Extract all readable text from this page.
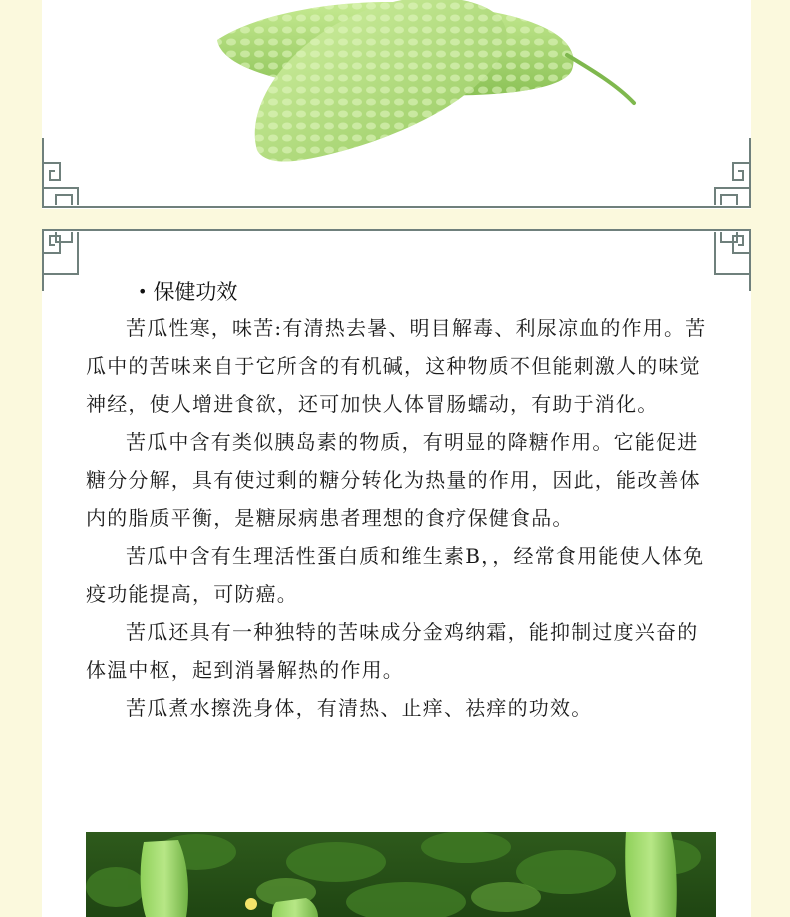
• 保健功效

苦瓜性寒，味苦:有清热去暑、明目解毒、利尿凉血的作用。苦瓜中的苦味来自于它所含的有机碱，这种物质不但能刺激人的味觉神经，使人增进食欲，还可加快人体冒肠蠕动，有助于消化。

苦瓜中含有类似胰岛素的物质，有明显的降糖作用。它能促进糖分分解，具有使过剩的糖分转化为热量的作用，因此，能改善体内的脂质平衡，是糖尿病患者理想的食疗保健食品。

苦瓜中含有生理活性蛋白质和维生素B，，经常食用能使人体免疫功能提高，可防癌。

苦瓜还具有一种独特的苦味成分金鸡纳霜，能抑制过度兴奋的体温中枢，起到消暑解热的作用。

苦瓜煮水擦洗身体，有清热、止痒、祛痒的功效。
